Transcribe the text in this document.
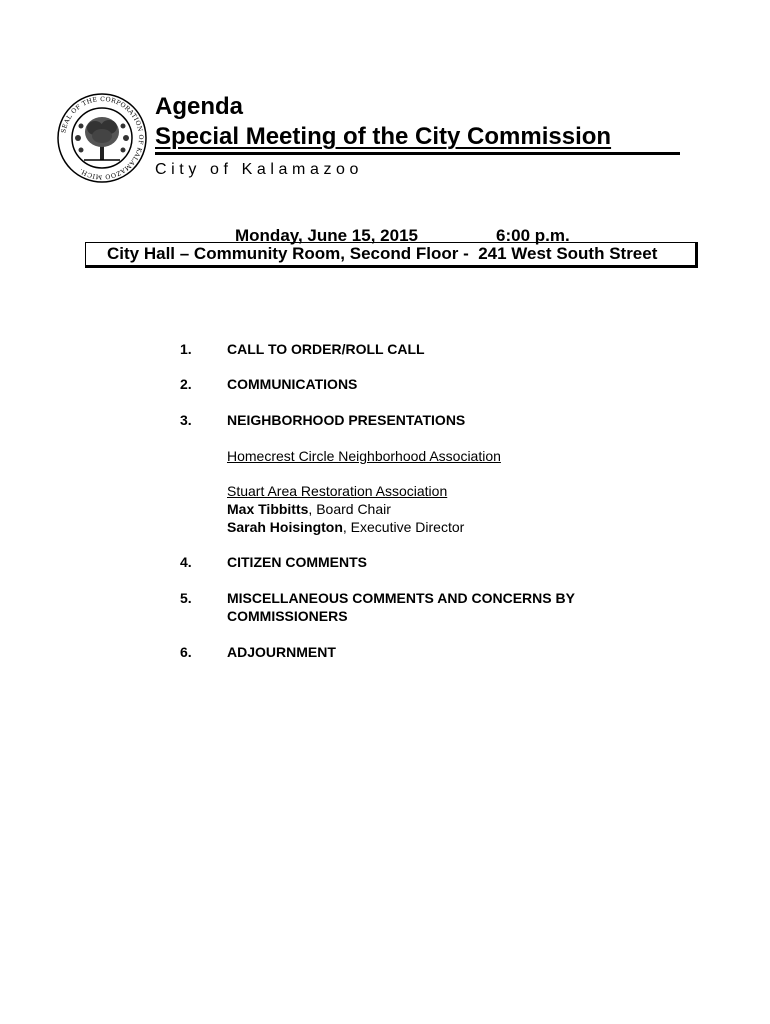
SEAL OF THE CORPORATION OF KALAMAZOO MICH.
Agenda
Special Meeting of the City Commission
City of Kalamazoo
Monday, June 15, 2015	6:00 p.m.
City Hall – Community Room, Second Floor -  241 West South Street
1.	CALL TO ORDER/ROLL CALL
2.	COMMUNICATIONS
3.	NEIGHBORHOOD PRESENTATIONS
Homecrest Circle Neighborhood Association
Stuart Area Restoration Association
Max Tibbitts, Board Chair
Sarah Hoisington, Executive Director
4.	CITIZEN COMMENTS
5.	MISCELLANEOUS COMMENTS AND CONCERNS BY COMMISSIONERS
6.	ADJOURNMENT
